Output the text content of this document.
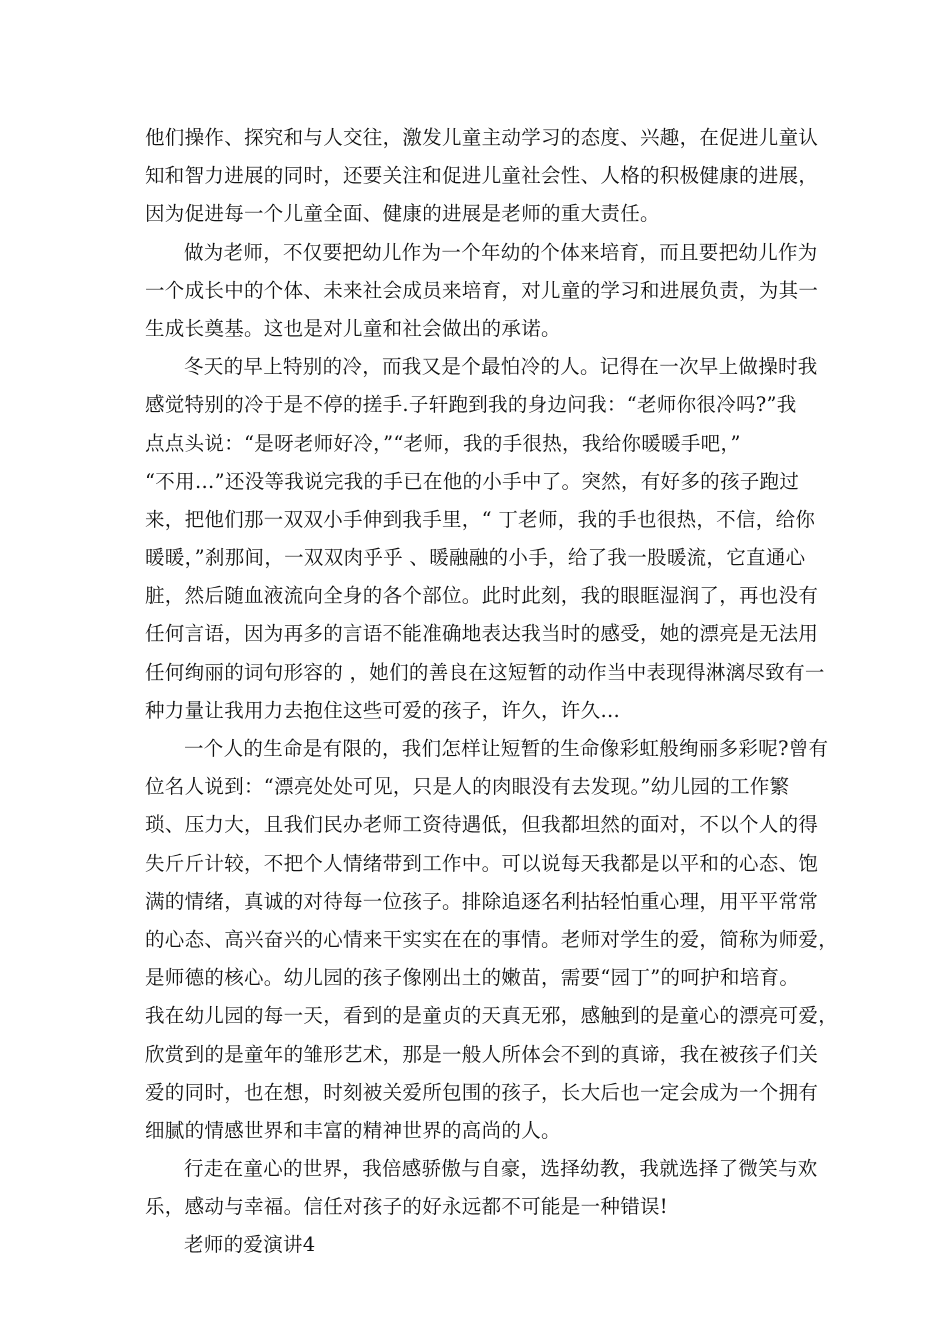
他们操作、探究和与人交往，激发儿童主动学习的态度、兴趣，在促进儿童认
知和智力进展的同时，还要关注和促进儿童社会性、人格的积极健康的进展，
因为促进每一个儿童全面、健康的进展是老师的重大责任。
做为老师，不仅要把幼儿作为一个年幼的个体来培育，而且要把幼儿作为
一个成长中的个体、未来社会成员来培育，对儿童的学习和进展负责，为其一
生成长奠基。这也是对儿童和社会做出的承诺。
冬天的早上特别的冷，而我又是个最怕冷的人。记得在一次早上做操时我
感觉特别的冷于是不停的搓手.子轩跑到我的身边问我：“老师你很冷吗?”我
点点头说：“是呀老师好冷，”“老师，我的手很热，我给你暖暖手吧，”
“不用…”还没等我说完我的手已在他的小手中了。突然，有好多的孩子跑过
来，把他们那一双双小手伸到我手里，“ 丁老师，我的手也很热，不信，给你
暖暖，”刹那间，一双双肉乎乎 、暖融融的小手，给了我一股暖流，它直通心
脏，然后随血液流向全身的各个部位。此时此刻，我的眼眶湿润了，再也没有
任何言语，因为再多的言语不能准确地表达我当时的感受，她的漂亮是无法用
任何绚丽的词句形容的 ，她们的善良在这短暂的动作当中表现得淋漓尽致有一
种力量让我用力去抱住这些可爱的孩子，许久，许久…
一个人的生命是有限的，我们怎样让短暂的生命像彩虹般绚丽多彩呢?曾有
位名人说到：“漂亮处处可见，只是人的肉眼没有去发现。”幼儿园的工作繁
琐、压力大，且我们民办老师工资待遇低，但我都坦然的面对，不以个人的得
失斤斤计较，不把个人情绪带到工作中。可以说每天我都是以平和的心态、饱
满的情绪，真诚的对待每一位孩子。排除追逐名利拈轻怕重心理，用平平常常
的心态、高兴奋兴的心情来干实实在在的事情。老师对学生的爱，简称为师爱，
是师德的核心。幼儿园的孩子像刚出土的嫩苗，需要“园丁”的呵护和培育。
我在幼儿园的每一天，看到的是童贞的天真无邪，感触到的是童心的漂亮可爱，
欣赏到的是童年的雏形艺术，那是一般人所体会不到的真谛，我在被孩子们关
爱的同时，也在想，时刻被关爱所包围的孩子，长大后也一定会成为一个拥有
细腻的情感世界和丰富的精神世界的高尚的人。
行走在童心的世界，我倍感骄傲与自豪，选择幼教，我就选择了微笑与欢
乐，感动与幸福。信任对孩子的好永远都不可能是一种错误!
老师的爱演讲4
